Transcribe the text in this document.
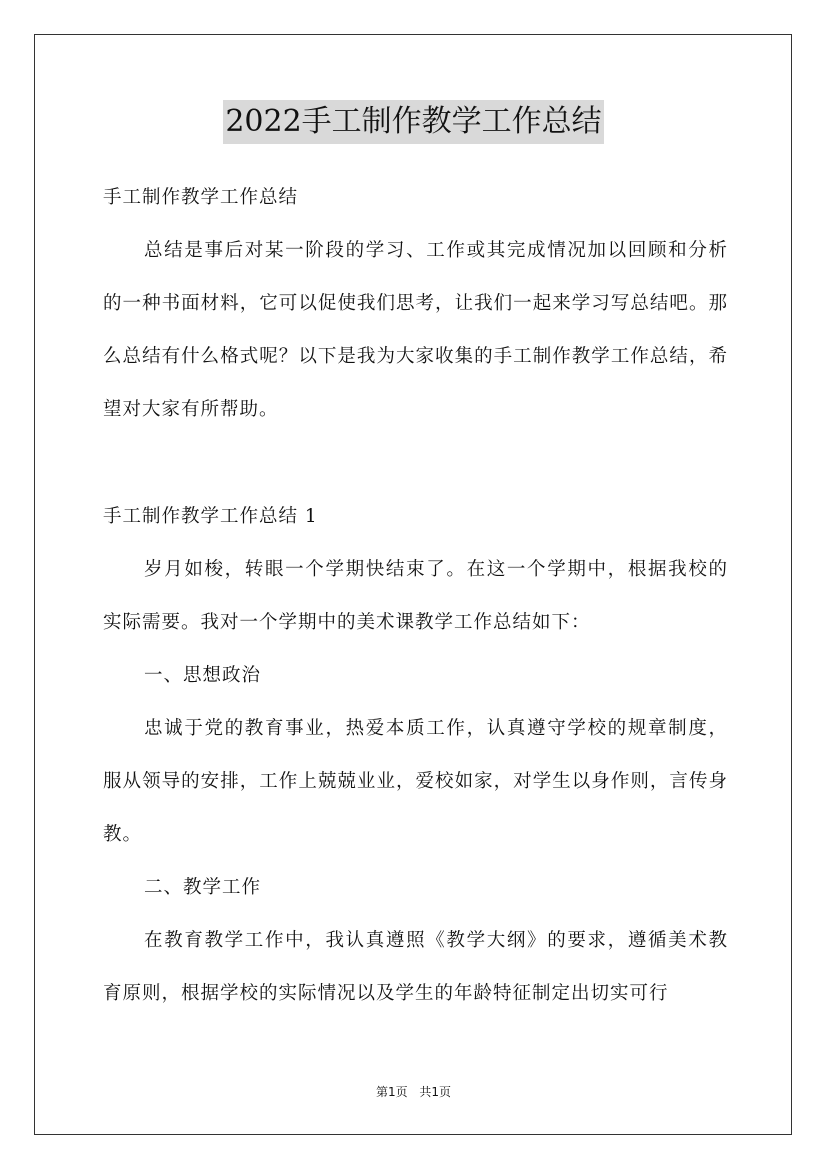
2022手工制作教学工作总结

手工制作教学工作总结

总结是事后对某一阶段的学习、工作或其完成情况加以回顾和分析的一种书面材料，它可以促使我们思考，让我们一起来学习写总结吧。那么总结有什么格式呢？以下是我为大家收集的手工制作教学工作总结，希望对大家有所帮助。

手工制作教学工作总结 1

岁月如梭，转眼一个学期快结束了。在这一个学期中，根据我校的实际需要。我对一个学期中的美术课教学工作总结如下：

一、思想政治

忠诚于党的教育事业，热爱本质工作，认真遵守学校的规章制度，服从领导的安排，工作上兢兢业业，爱校如家，对学生以身作则，言传身教。

二、教学工作

在教育教学工作中，我认真遵照《教学大纲》的要求，遵循美术教育原则，根据学校的实际情况以及学生的年龄特征制定出切实可行

第1页 共1页
